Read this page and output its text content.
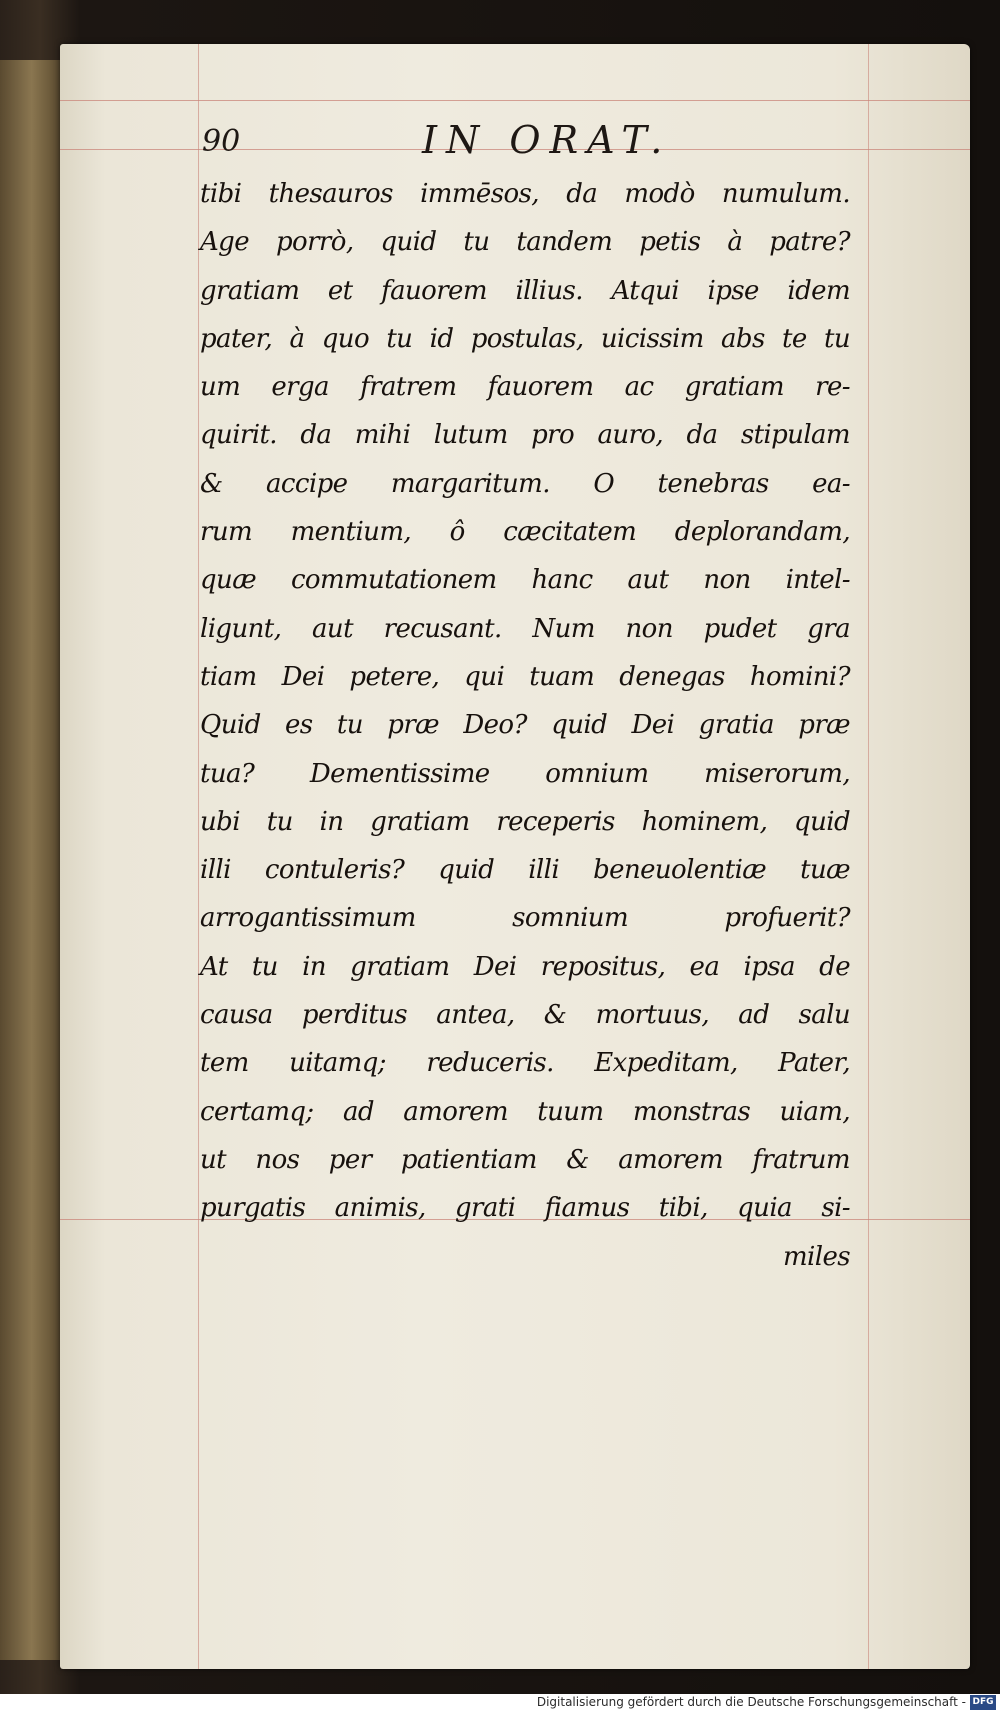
90	IN ORAT.
tibi thesauros immēsos, da modò numulum.
Age porrò, quid tu tandem petis à patre?
gratiam et fauorem illius. Atqui ipse idem
pater, à quo tu id postulas, uicissim abs te tu
um erga fratrem fauorem ac gratiam re-
quirit. da mihi lutum pro auro, da stipulam
& accipe margaritum. O tenebras ea-
rum mentium, ô cæcitatem deplorandam,
quæ commutationem hanc aut non intel-
ligunt, aut recusant. Num non pudet gra
tiam Dei petere, qui tuam denegas homini?
Quid es tu præ Deo? quid Dei gratia præ
tua? Dementissime omnium miserorum,
ubi tu in gratiam receperis hominem, quid
illi contuleris? quid illi beneuolentiæ tuæ
arrogantissimum somnium profuerit?
At tu in gratiam Dei repositus, ea ipsa de
causa perditus antea, & mortuus, ad salu
tem uitamq; reduceris. Expeditam, Pater,
certamq; ad amorem tuum monstras uiam,
ut nos per patientiam & amorem fratrum
purgatis animis, grati fiamus tibi, quia si-
miles
Digitalisierung gefördert durch die Deutsche Forschungsgemeinschaft - DFG
